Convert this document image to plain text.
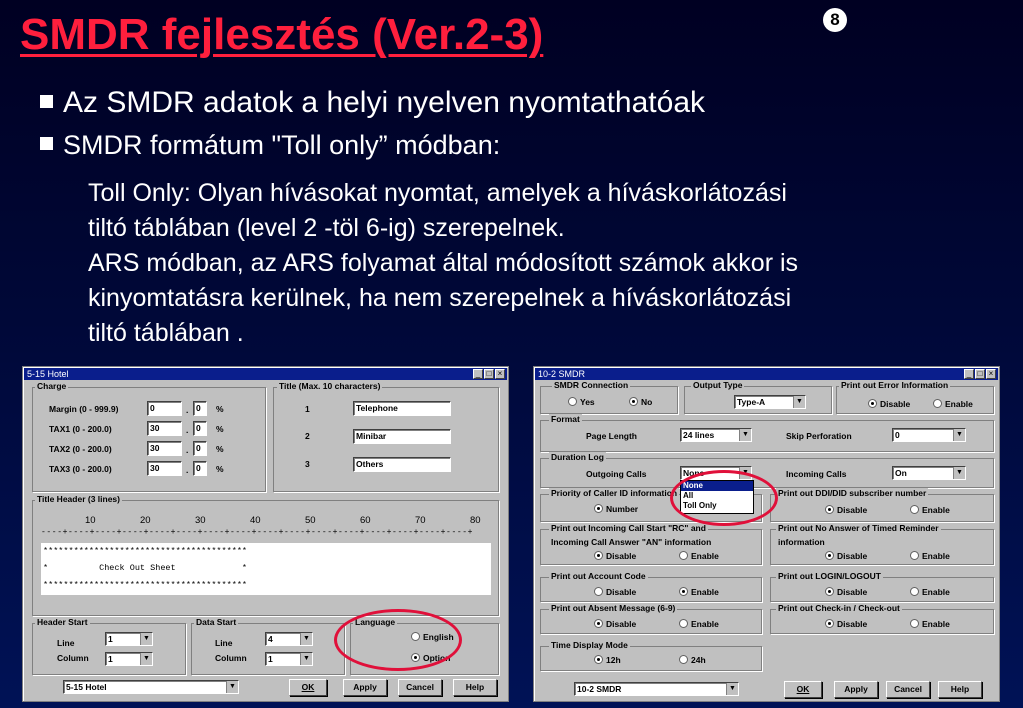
SMDR fejlesztés (Ver.2-3)	8
Az SMDR adatok a helyi nyelven nyomtathatóak
SMDR formátum "Toll only” módban:
Toll Only: Olyan hívásokat nyomtat, amelyek a híváskorlátozási
tiltó táblában (level 2 -töl 6-ig) szerepelnek.
ARS módban, az ARS folyamat által módosított számok akkor is
kinyomtatásra kerülnek, ha nem szerepelnek a híváskorlátozási
tiltó táblában .
5-15 Hotel	_ □ ×
Charge
Margin (0 - 999.9)	0	. 0	%
TAX1 (0 - 200.0)	30	. 0	%
TAX2 (0 - 200.0)	30	. 0	%
TAX3 (0 - 200.0)	30	. 0	%
Title (Max. 10 characters)
1	Telephone
2	Minibar
3	Others
Title Header (3 lines)
10	20	30	40	50	60	70	80
----+----+----+----+----+----+----+----+----+----+----+----+----+----+----+----+
****************************************
*          Check Out Sheet             *
****************************************
Header Start
Line	1	▼
Column	1	▼
Data Start
Line	4	▼
Column	1	▼
Language
English
Option
5-15 Hotel	▼	OK	Apply	Cancel	Help
10-2 SMDR	_ □ ×
SMDR Connection
Yes	No
Output Type
Type-A	▼
Print out Error Information
Disable	Enable
Format
Page Length	24 lines	▼	Skip Perforation	0	▼
Duration Log
Outgoing Calls	None	▼	Incoming Calls	On	▼
Priority of Caller ID information
Number
Print out DDI/DID subscriber number
Disable	Enable
Print out Incoming Call Start "RC" and
Incoming Call Answer "AN" information
Disable	Enable
Print out No Answer of Timed Reminder
information
Disable	Enable
Print out Account Code
Disable	Enable
Print out LOGIN/LOGOUT
Disable	Enable
Print out Absent Message (6-9)
Disable	Enable
Print out Check-in / Check-out
Disable	Enable
Time Display Mode
12h	24h
10-2 SMDR	▼	OK	Apply	Cancel	Help
None
All
Toll Only
